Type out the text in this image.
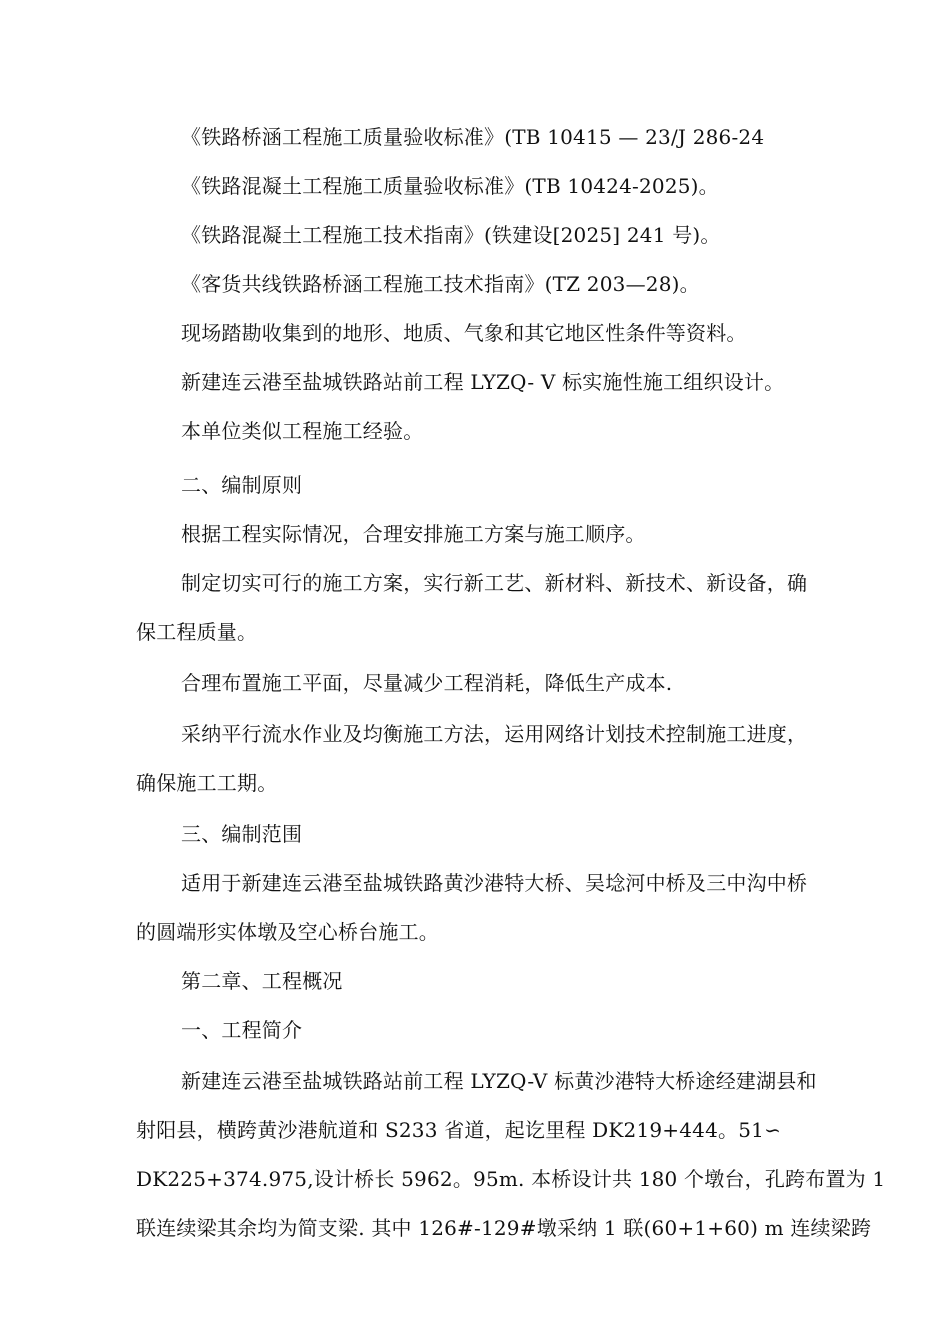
《铁路桥涵工程施工质量验收标准》(TB 10415 — 23/J 286-24
《铁路混凝土工程施工质量验收标准》(TB 10424-2025)。
《铁路混凝土工程施工技术指南》(铁建设[2025] 241 号)。
《客货共线铁路桥涵工程施工技术指南》(TZ 203—28)。
现场踏勘收集到的地形、地质、气象和其它地区性条件等资料。
新建连云港至盐城铁路站前工程 LYZQ- V 标实施性施工组织设计。
本单位类似工程施工经验。
二、编制原则
根据工程实际情况，合理安排施工方案与施工顺序。
制定切实可行的施工方案，实行新工艺、新材料、新技术、新设备，确
保工程质量。
合理布置施工平面，尽量减少工程消耗，降低生产成本.
采纳平行流水作业及均衡施工方法，运用网络计划技术控制施工进度，
确保施工工期。
三、编制范围
适用于新建连云港至盐城铁路黄沙港特大桥、吴埝河中桥及三中沟中桥
的圆端形实体墩及空心桥台施工。
第二章、工程概况
一、工程简介
新建连云港至盐城铁路站前工程 LYZQ-V 标黄沙港特大桥途经建湖县和
射阳县，横跨黄沙港航道和 S233 省道，起讫里程 DK219+444。51∽
DK225+374.975,设计桥长 5962。95m. 本桥设计共 180 个墩台，孔跨布置为 1
联连续梁其余均为简支梁. 其中 126#-129#墩采纳 1 联(60+1+60) m 连续梁跨
